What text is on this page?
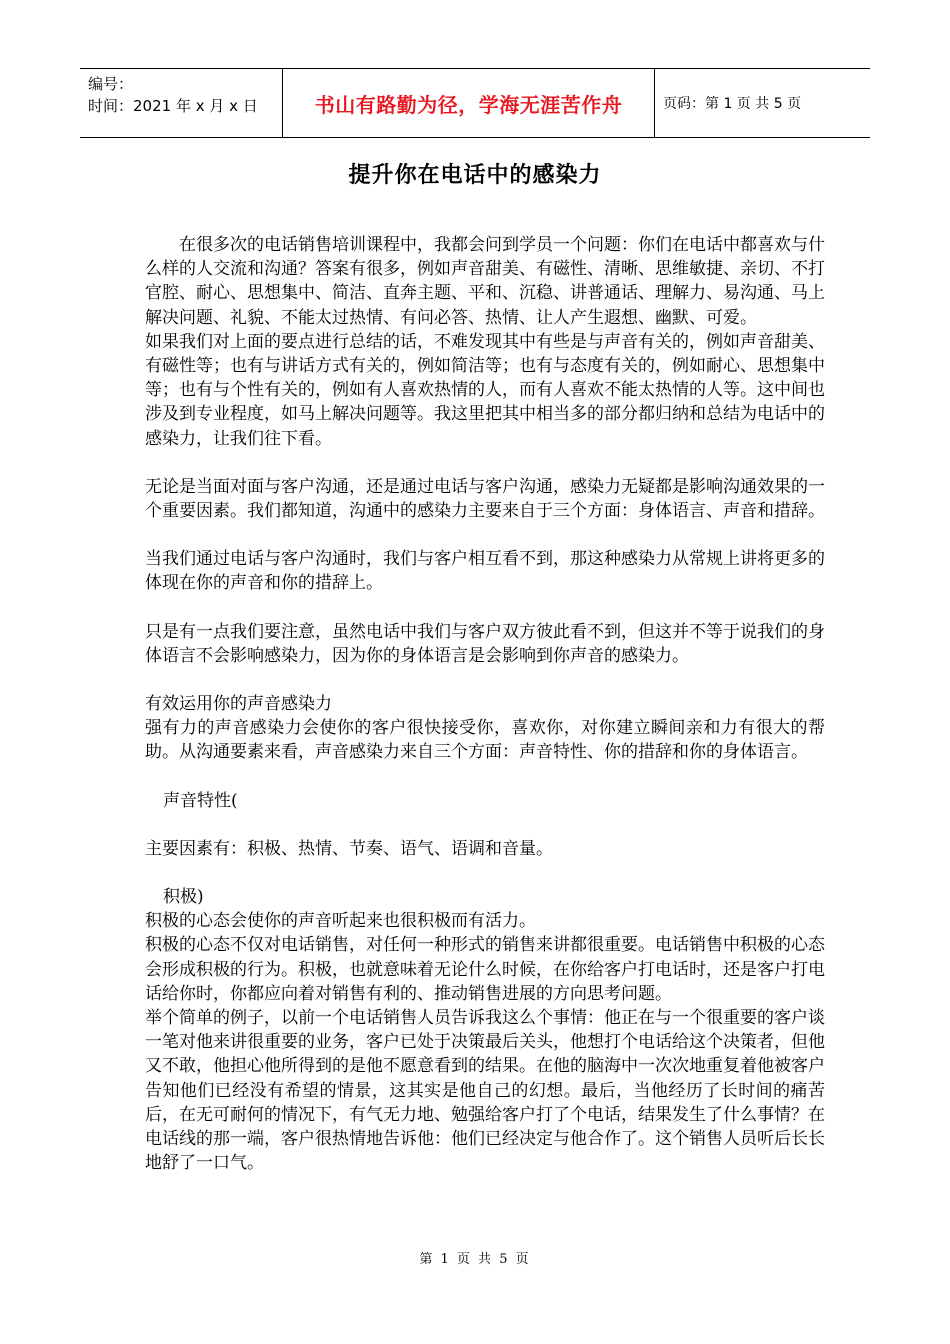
编号：
时间：2021 年 x 月 x 日	书山有路勤为径，学海无涯苦作舟	页码：第 1 页 共 5 页
提升你在电话中的感染力

在很多次的电话销售培训课程中，我都会问到学员一个问题：你们在电话中都喜欢与什么样的人交流和沟通？答案有很多，例如声音甜美、有磁性、清晰、思维敏捷、亲切、不打官腔、耐心、思想集中、简洁、直奔主题、平和、沉稳、讲普通话、理解力、易沟通、马上解决问题、礼貌、不能太过热情、有问必答、热情、让人产生遐想、幽默、可爱。

如果我们对上面的要点进行总结的话，不难发现其中有些是与声音有关的，例如声音甜美、有磁性等；也有与讲话方式有关的，例如简洁等；也有与态度有关的，例如耐心、思想集中等；也有与个性有关的，例如有人喜欢热情的人，而有人喜欢不能太热情的人等。这中间也涉及到专业程度，如马上解决问题等。我这里把其中相当多的部分都归纳和总结为电话中的感染力，让我们往下看。

无论是当面对面与客户沟通，还是通过电话与客户沟通，感染力无疑都是影响沟通效果的一个重要因素。我们都知道，沟通中的感染力主要来自于三个方面：身体语言、声音和措辞。

当我们通过电话与客户沟通时，我们与客户相互看不到，那这种感染力从常规上讲将更多的体现在你的声音和你的措辞上。

只是有一点我们要注意，虽然电话中我们与客户双方彼此看不到，但这并不等于说我们的身体语言不会影响感染力，因为你的身体语言是会影响到你声音的感染力。

有效运用你的声音感染力

强有力的声音感染力会使你的客户很快接受你，喜欢你，对你建立瞬间亲和力有很大的帮助。从沟通要素来看，声音感染力来自三个方面：声音特性、你的措辞和你的身体语言。

声音特性(

主要因素有：积极、热情、节奏、语气、语调和音量。

积极)

积极的心态会使你的声音听起来也很积极而有活力。

积极的心态不仅对电话销售，对任何一种形式的销售来讲都很重要。电话销售中积极的心态会形成积极的行为。积极，也就意味着无论什么时候，在你给客户打电话时，还是客户打电话给你时，你都应向着对销售有利的、推动销售进展的方向思考问题。

举个简单的例子，以前一个电话销售人员告诉我这么个事情：他正在与一个很重要的客户谈一笔对他来讲很重要的业务，客户已处于决策最后关头，他想打个电话给这个决策者，但他又不敢，他担心他所得到的是他不愿意看到的结果。在他的脑海中一次次地重复着他被客户告知他们已经没有希望的情景，这其实是他自己的幻想。最后，当他经历了长时间的痛苦后，在无可耐何的情况下，有气无力地、勉强给客户打了个电话，结果发生了什么事情？在电话线的那一端，客户很热情地告诉他：他们已经决定与他合作了。这个销售人员听后长长地舒了一口气。

第 1 页 共 5 页
